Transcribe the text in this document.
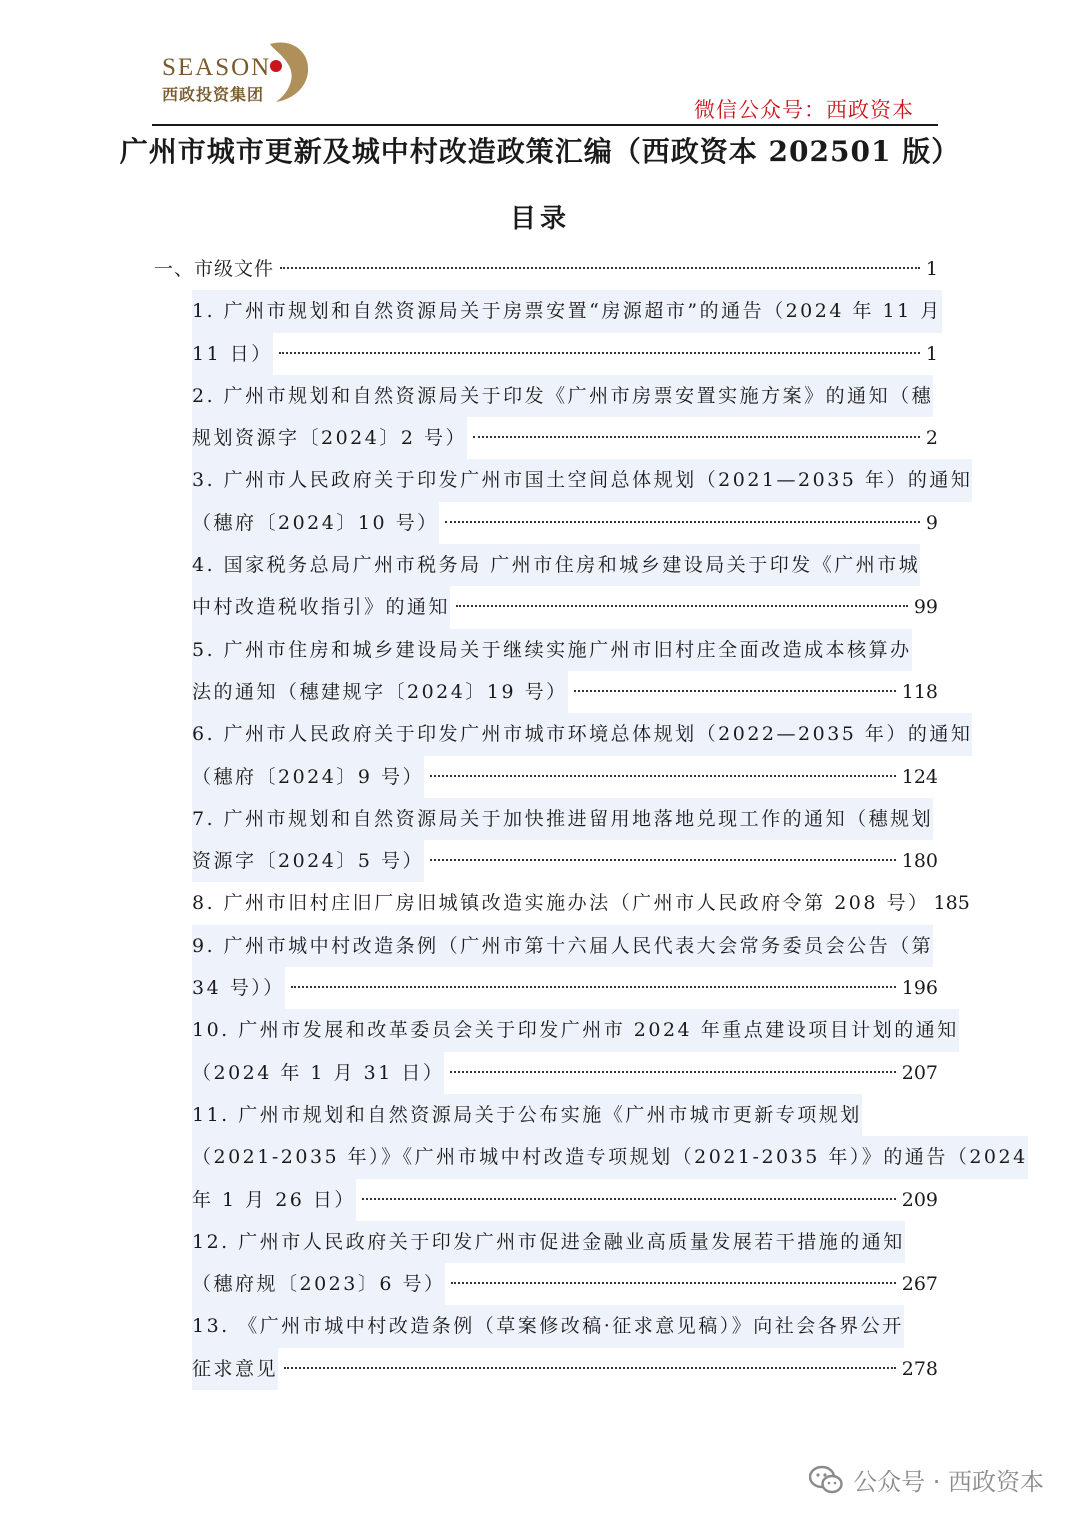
SEASON
西政投资集团
微信公众号：西政资本
广州市城市更新及城中村改造政策汇编（西政资本 202501 版）
目录
一、市级文件	1
1. 广州市规划和自然资源局关于房票安置“房源超市”的通告（2024 年 11 月
11 日）	1
2. 广州市规划和自然资源局关于印发《广州市房票安置实施方案》的通知（穗
规划资源字〔2024〕2 号）	2
3. 广州市人民政府关于印发广州市国土空间总体规划（2021—2035 年）的通知
（穗府〔2024〕10 号）	9
4. 国家税务总局广州市税务局 广州市住房和城乡建设局关于印发《广州市城
中村改造税收指引》的通知	99
5. 广州市住房和城乡建设局关于继续实施广州市旧村庄全面改造成本核算办
法的通知（穗建规字〔2024〕19 号）	118
6. 广州市人民政府关于印发广州市城市环境总体规划（2022—2035 年）的通知
（穗府〔2024〕9 号）	124
7. 广州市规划和自然资源局关于加快推进留用地落地兑现工作的通知（穗规划
资源字〔2024〕5 号）	180
8. 广州市旧村庄旧厂房旧城镇改造实施办法（广州市人民政府令第 208 号） 185
9. 广州市城中村改造条例（广州市第十六届人民代表大会常务委员会公告（第
34 号））	196
10. 广州市发展和改革委员会关于印发广州市 2024 年重点建设项目计划的通知
（2024 年 1 月 31 日）	207
11. 广州市规划和自然资源局关于公布实施《广州市城市更新专项规划
（2021-2035 年）》《广州市城中村改造专项规划（2021-2035 年）》的通告（2024
年 1 月 26 日）	209
12. 广州市人民政府关于印发广州市促进金融业高质量发展若干措施的通知
（穗府规〔2023〕6 号）	267
13. 《广州市城中村改造条例（草案修改稿·征求意见稿）》向社会各界公开
征求意见	278
公众号 · 西政资本
